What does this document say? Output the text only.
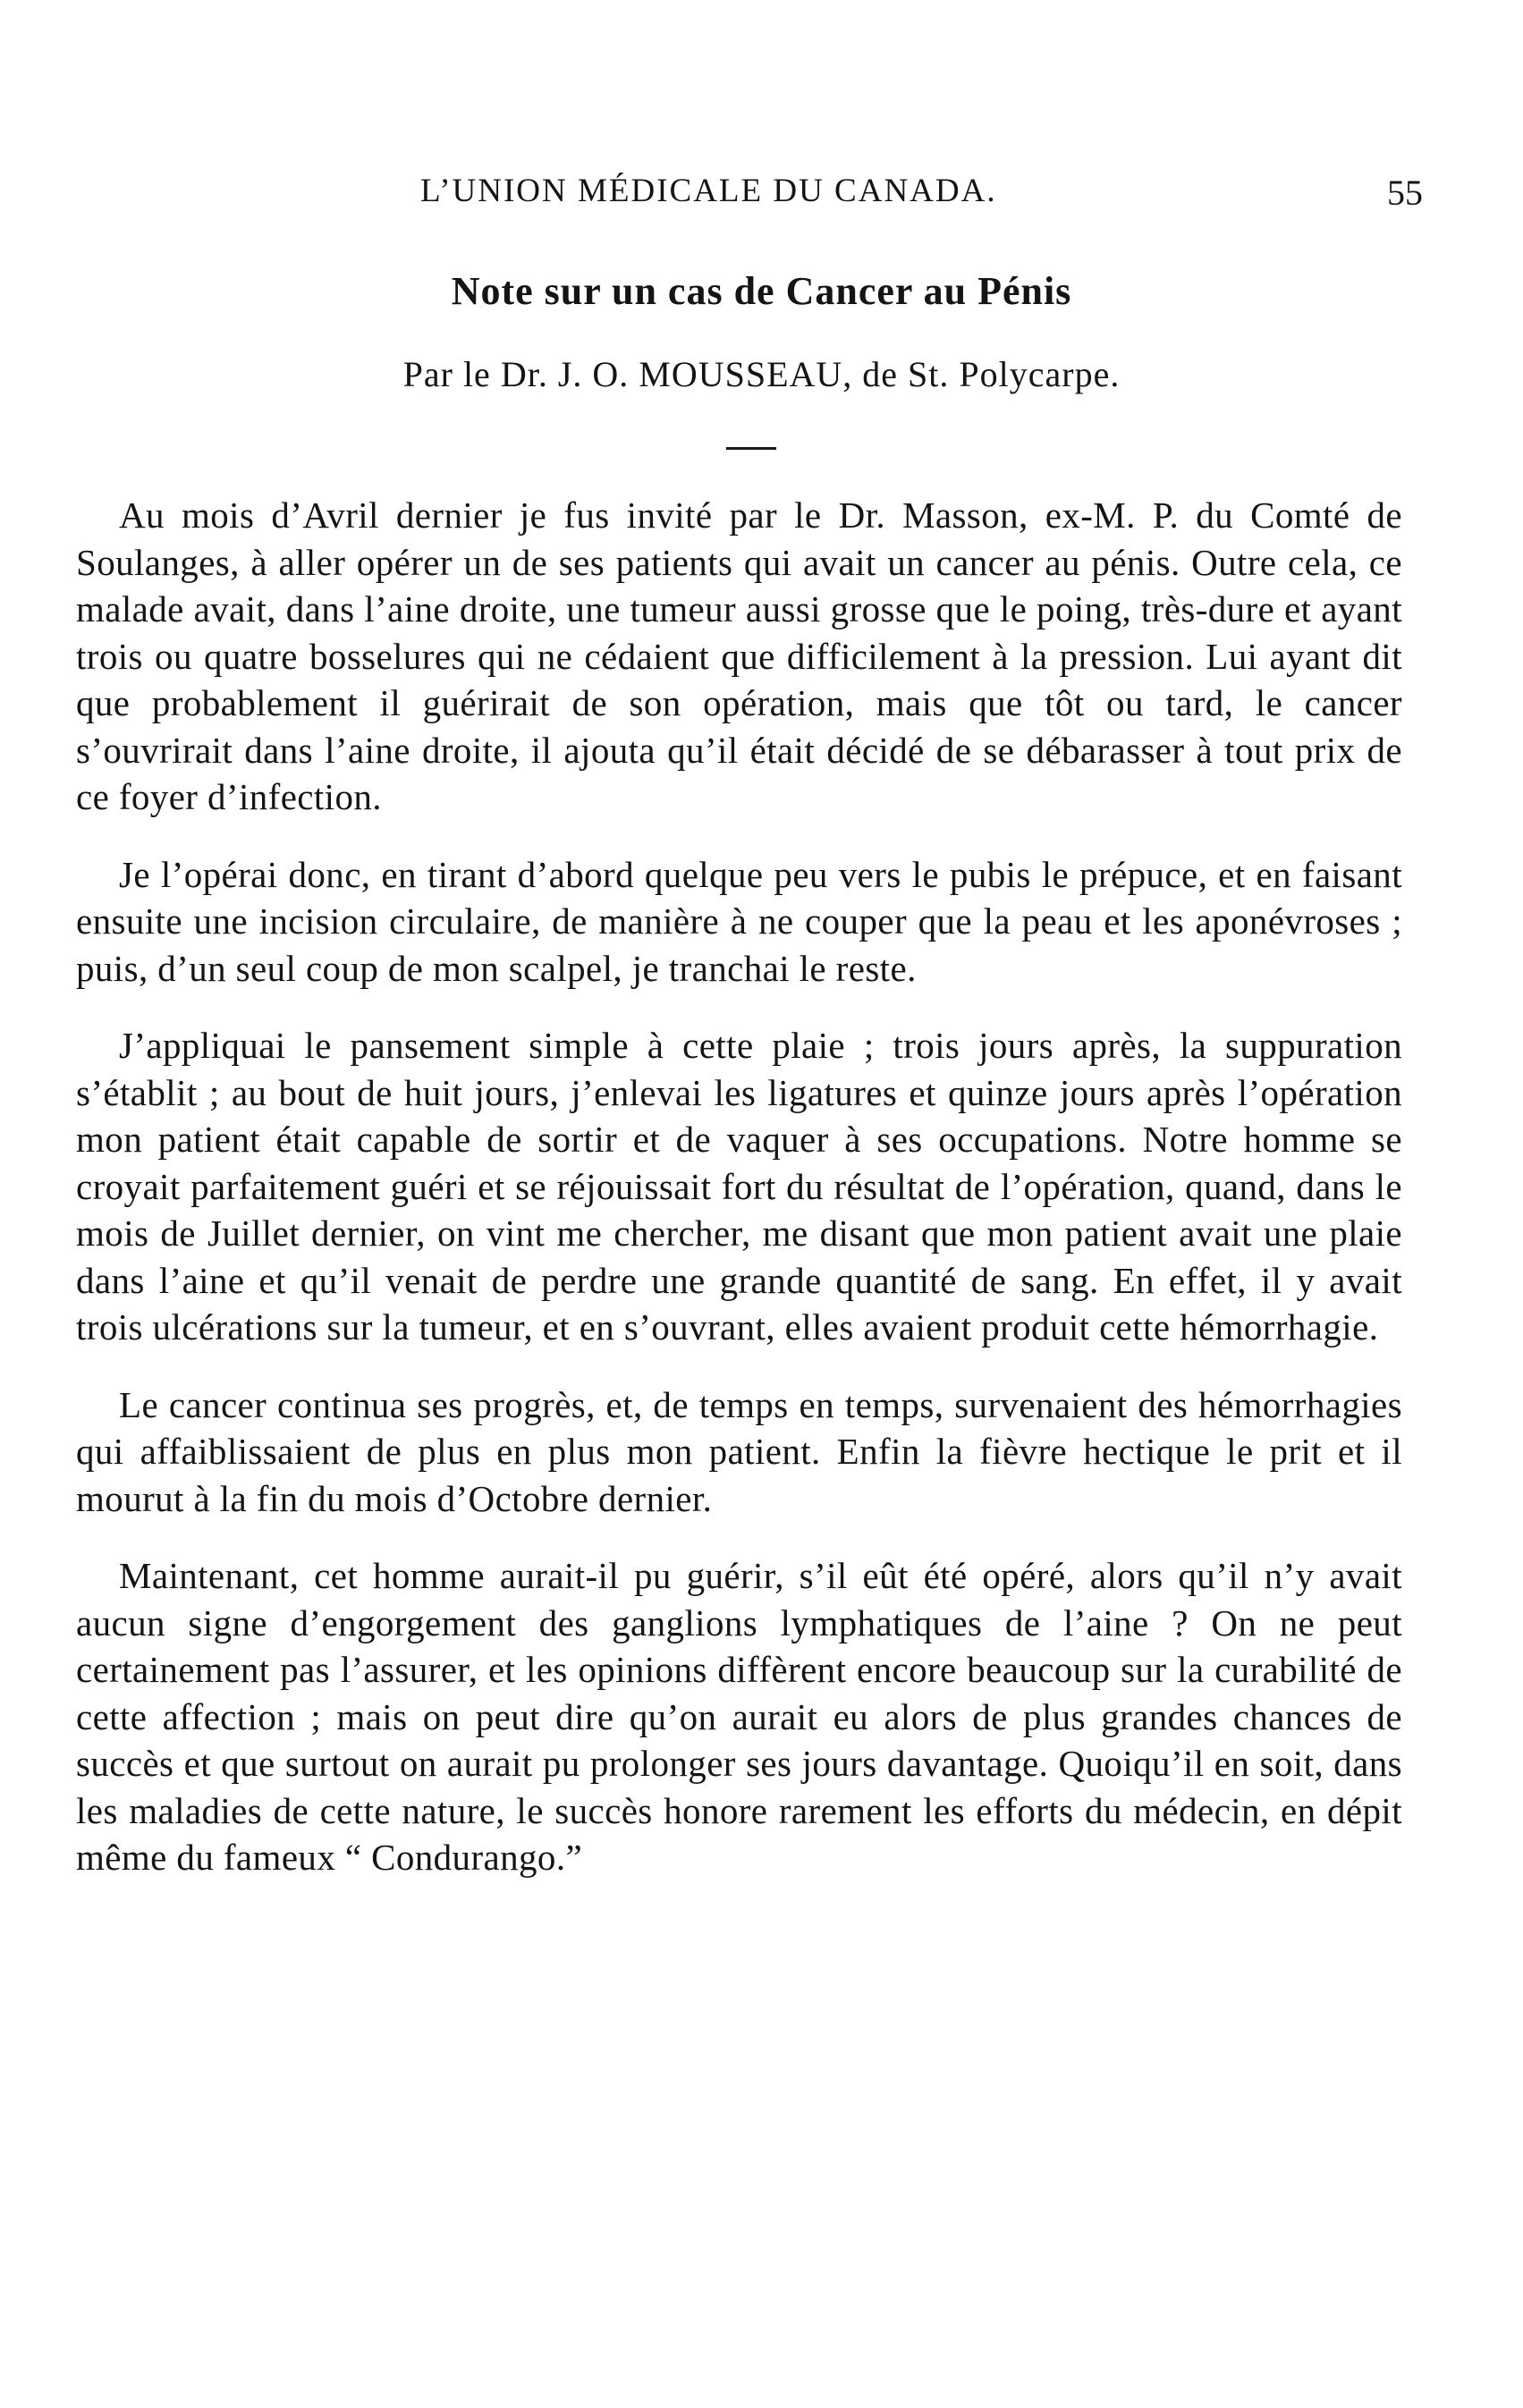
L’UNION MÉDICALE DU CANADA.	55
Note sur un cas de Cancer au Pénis
Par le Dr. J. O. MOUSSEAU, de St. Polycarpe.

Au mois d’Avril dernier je fus invité par le Dr. Masson, ex-M. P. du Comté de Soulanges, à aller opérer un de ses patients qui avait un cancer au pénis. Outre cela, ce malade avait, dans l’aine droite, une tumeur aussi grosse que le poing, très-dure et ayant trois ou quatre bosselures qui ne cédaient que difficilement à la pression. Lui ayant dit que probablement il guérirait de son opération, mais que tôt ou tard, le cancer s’ouvrirait dans l’aine droite, il ajouta qu’il était décidé de se débarasser à tout prix de ce foyer d’infection.

Je l’opérai donc, en tirant d’abord quelque peu vers le pubis le prépuce, et en faisant ensuite une incision circulaire, de manière à ne couper que la peau et les aponévroses ; puis, d’un seul coup de mon scalpel, je tranchai le reste.

J’appliquai le pansement simple à cette plaie ; trois jours après, la suppuration s’établit ; au bout de huit jours, j’enlevai les ligatures et quinze jours après l’opération mon patient était capable de sortir et de vaquer à ses occupations. Notre homme se croyait parfaitement guéri et se réjouissait fort du résultat de l’opération, quand, dans le mois de Juillet dernier, on vint me chercher, me disant que mon patient avait une plaie dans l’aine et qu’il venait de perdre une grande quantité de sang. En effet, il y avait trois ulcérations sur la tumeur, et en s’ouvrant, elles avaient produit cette hémorrhagie.

Le cancer continua ses progrès, et, de temps en temps, survenaient des hémorrhagies qui affaiblissaient de plus en plus mon patient. Enfin la fièvre hectique le prit et il mourut à la fin du mois d’Octobre dernier.

Maintenant, cet homme aurait-il pu guérir, s’il eût été opéré, alors qu’il n’y avait aucun signe d’engorgement des ganglions lymphatiques de l’aine ? On ne peut certainement pas l’assurer, et les opinions diffèrent encore beaucoup sur la curabilité de cette affection ; mais on peut dire qu’on aurait eu alors de plus grandes chances de succès et que surtout on aurait pu prolonger ses jours davantage. Quoiqu’il en soit, dans les maladies de cette nature, le succès honore rarement les efforts du médecin, en dépit même du fameux “ Condurango.”
